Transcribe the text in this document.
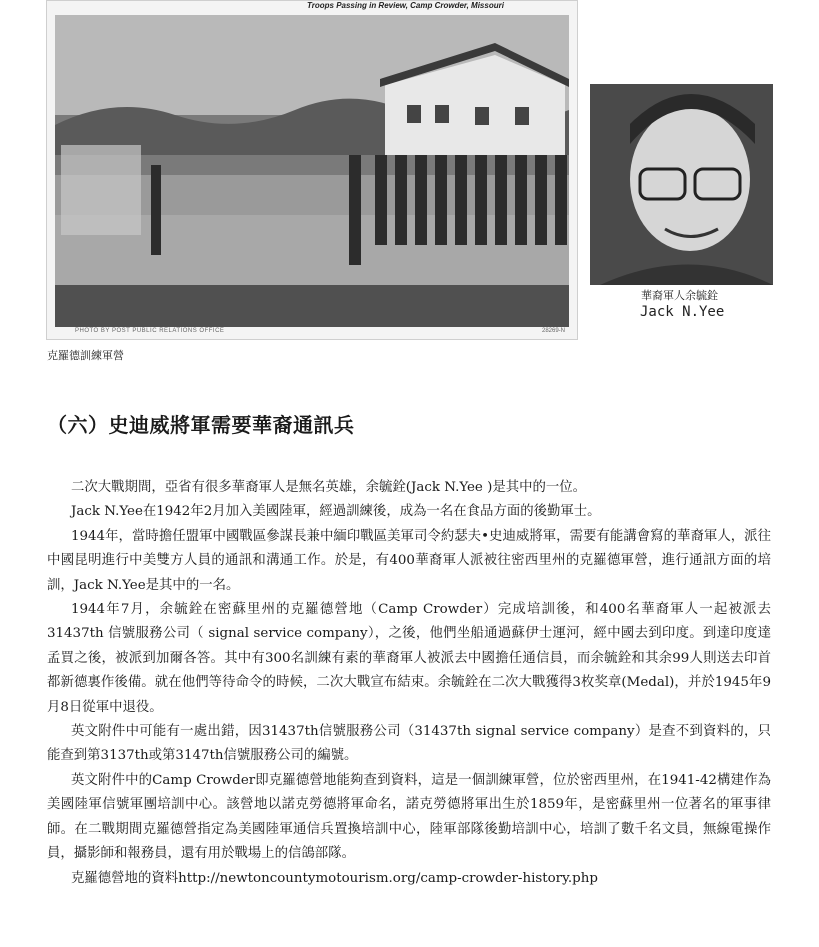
Troops Passing in Review, Camp Crowder, Missouri
PHOTO BY POST PUBLIC RELATIONS OFFICE	28269-N
克羅德訓練軍營
華裔軍人余毓銓
Jack N.Yee
（六）史迪威將軍需要華裔通訊兵

二次大戰期間，亞省有很多華裔軍人是無名英雄，余毓銓(Jack N.Yee )是其中的一位。

Jack N.Yee在1942年2月加入美國陸軍，經過訓練後，成為一名在食品方面的後勤軍士。

1944年，當時擔任盟軍中國戰區參謀長兼中緬印戰區美軍司令約瑟夫•史迪威將軍，需要有能講會寫的華裔軍人，派往中國昆明進行中美雙方人員的通訊和溝通工作。於是，有400華裔軍人派被往密西里州的克羅德軍營，進行通訊方面的培訓，Jack N.Yee是其中的一名。

1944年7月，余毓銓在密蘇里州的克羅德營地（Camp Crowder）完成培訓後，和400名華裔軍人一起被派去31437th 信號服務公司（ signal service company），之後，他們坐船通過蘇伊士運河，經中國去到印度。到達印度達孟買之後，被派到加爾各答。其中有300名訓練有素的華裔軍人被派去中國擔任通信員，而余毓銓和其余99人則送去印首都新德裏作後備。就在他們等待命令的時候，二次大戰宣布結束。余毓銓在二次大戰獲得3枚奖章(Medal)，并於1945年9月8日從軍中退役。

英文附件中可能有一處出錯，因31437th信號服務公司（31437th signal service company）是查不到資料的，只能查到第3137th或第3147th信號服務公司的編號。

英文附件中的Camp Crowder即克羅德營地能夠查到資料，這是一個訓練軍營，位於密西里州，在1941-42構建作為美國陸軍信號軍團培訓中心。該營地以諾克勞德將軍命名，諾克勞德將軍出生於1859年，是密蘇里州一位著名的軍事律師。在二戰期間克羅德營指定為美國陸軍通信兵置換培訓中心，陸軍部隊後勤培訓中心，培訓了數千名文員，無線電操作員，攝影師和報務員，還有用於戰場上的信鴿部隊。

克羅德營地的資料http://newtoncountymotourism.org/camp-crowder-history.php
